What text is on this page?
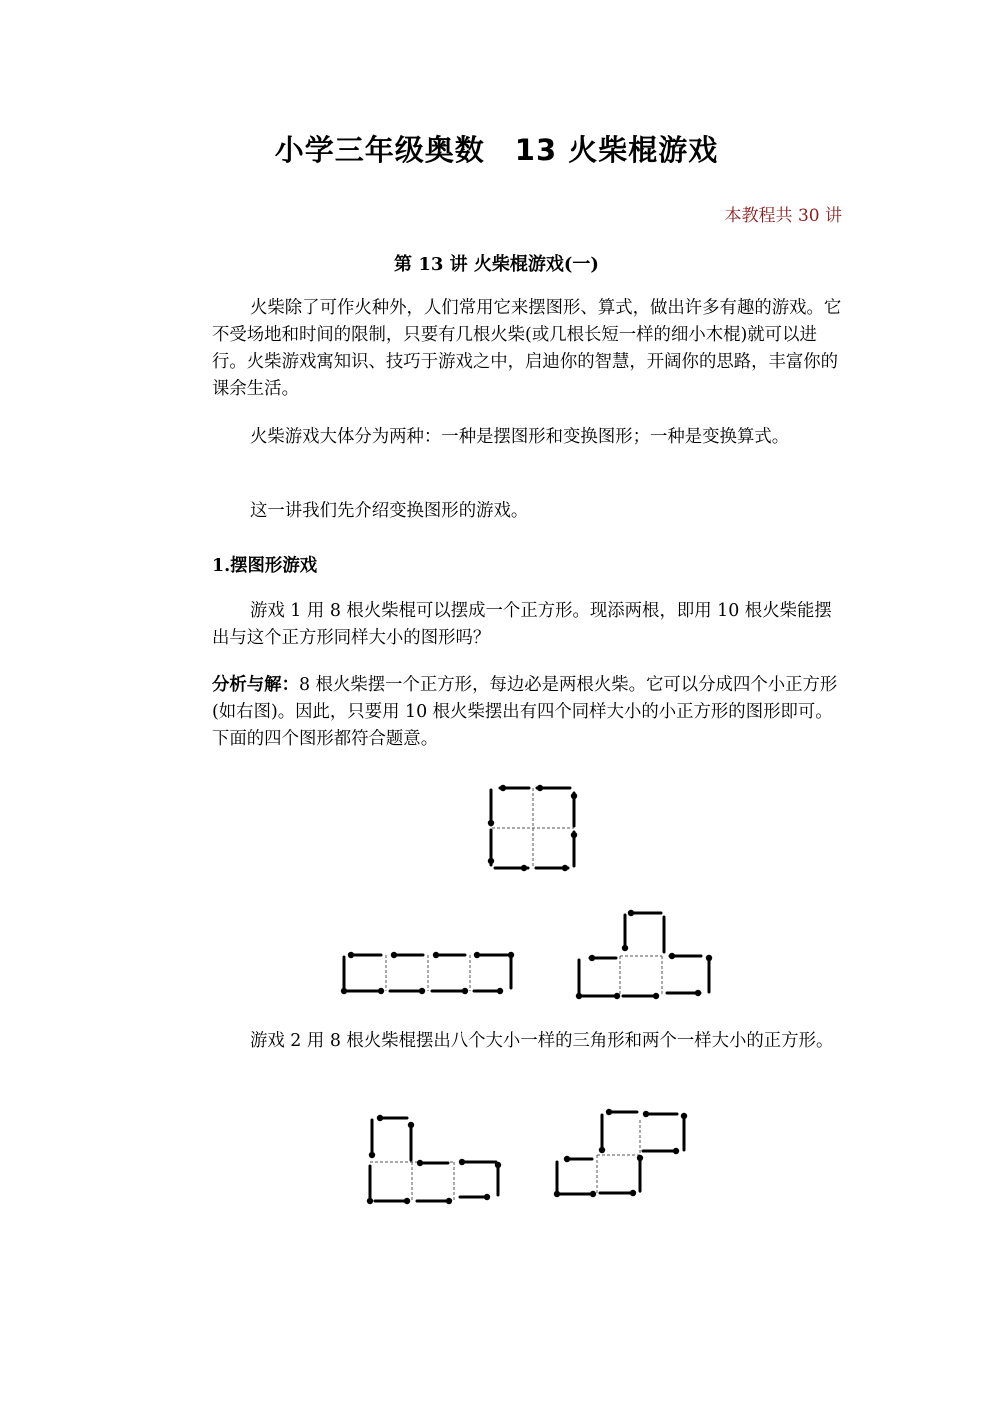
小学三年级奥数　13 火柴棍游戏
本教程共 30 讲
第 13 讲 火柴棍游戏(一)

火柴除了可作火种外，人们常用它来摆图形、算式，做出许多有趣的游戏。它不受场地和时间的限制，只要有几根火柴(或几根长短一样的细小木棍)就可以进行。火柴游戏寓知识、技巧于游戏之中，启迪你的智慧，开阔你的思路，丰富你的课余生活。

火柴游戏大体分为两种：一种是摆图形和变换图形；一种是变换算式。

这一讲我们先介绍变换图形的游戏。

1.摆图形游戏

游戏 1 用 8 根火柴棍可以摆成一个正方形。现添两根，即用 10 根火柴能摆出与这个正方形同样大小的图形吗？

分析与解：8 根火柴摆一个正方形，每边必是两根火柴。它可以分成四个小正方形(如右图)。因此，只要用 10 根火柴摆出有四个同样大小的小正方形的图形即可。下面的四个图形都符合题意。

游戏 2 用 8 根火柴棍摆出八个大小一样的三角形和两个一样大小的正方形。
